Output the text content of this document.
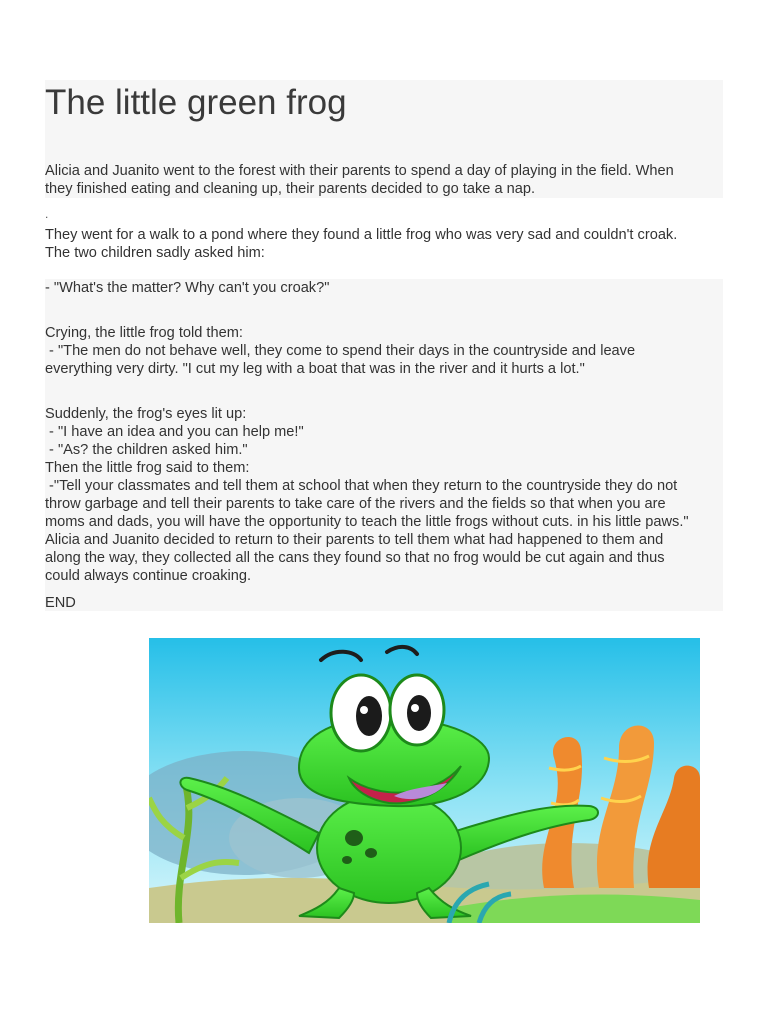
The little green frog

Alicia and Juanito went to the forest with their parents to spend a day of playing in the field. When
they finished eating and cleaning up, their parents decided to go take a nap.

.

They went for a walk to a pond where they found a little frog who was very sad and couldn't croak.
The two children sadly asked him:

- "What's the matter? Why can't you croak?"

Crying, the little frog told them:
- "The men do not behave well, they come to spend their days in the countryside and leave
everything very dirty. "I cut my leg with a boat that was in the river and it hurts a lot."

Suddenly, the frog's eyes lit up:
- "I have an idea and you can help me!"
- "As? the children asked him."
Then the little frog said to them:
-"Tell your classmates and tell them at school that when they return to the countryside they do not
throw garbage and tell their parents to take care of the rivers and the fields so that when you are
moms and dads, you will have the opportunity to teach the little frogs without cuts. in his little paws."
Alicia and Juanito decided to return to their parents to tell them what had happened to them and
along the way, they collected all the cans they found so that no frog would be cut again and thus
could always continue croaking.

END
